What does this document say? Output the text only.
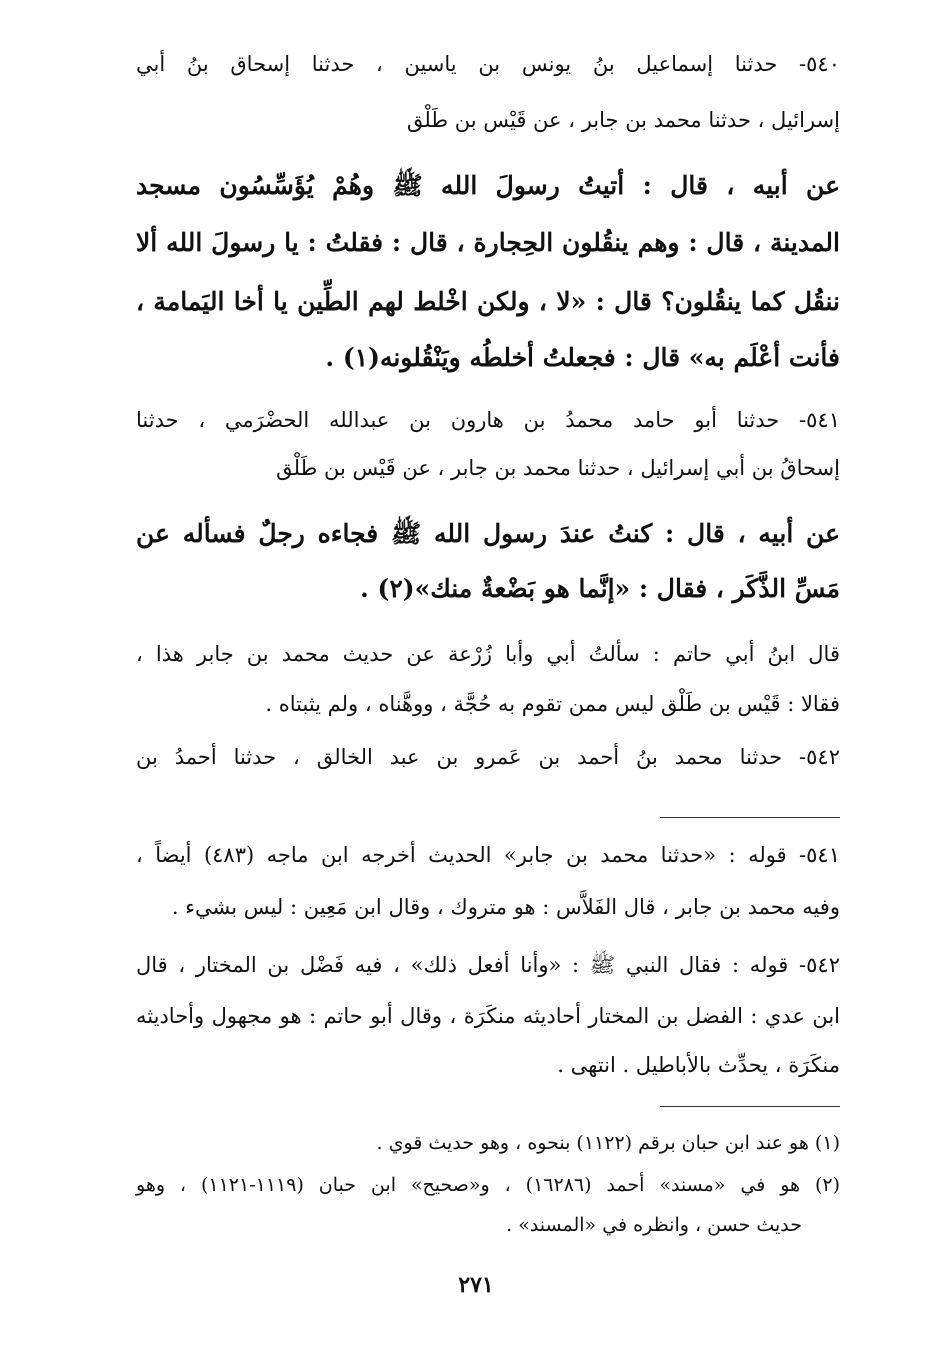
٥٤٠- حدثنا إسماعيل بنُ يونس بن ياسين ، حدثنا إسحاق بنُ أبي
إسرائيل ، حدثنا محمد بن جابر ، عن قَيْس بن طَلْق
عن أبيه ، قال : أتيتُ رسولَ الله ﷺ وهُمْ يُؤَسِّسُون مسجد
المدينة ، قال : وهم ينقُلون الحِجارة ، قال : فقلتُ : يا رسولَ الله ألا
ننقُل كما ينقُلون؟ قال : «لا ، ولكن اخْلط لهم الطِّين يا أخا اليَمامة ،
فأنت أعْلَم به» قال : فجعلتُ أخلطُه ويَنْقُلونه(١) .
٥٤١- حدثنا أبو حامد محمدُ بن هارون بن عبدالله الحضْرَمي ، حدثنا
إسحاقُ بن أبي إسرائيل ، حدثنا محمد بن جابر ، عن قَيْس بن طَلْق
عن أبيه ، قال : كنتُ عندَ رسول الله ﷺ فجاءه رجلٌ فسأله عن
مَسِّ الذَّكَر ، فقال : «إنَّما هو بَضْعةٌ منك»(٢) .
قال ابنُ أبي حاتم : سألتُ أبي وأبا زُرْعة عن حديث محمد بن جابر هذا ،
فقالا : قَيْس بن طَلْق ليس ممن تقوم به حُجَّة ، ووهَّناه ، ولم يثبتاه .
٥٤٢- حدثنا محمد بنُ أحمد بن عَمرو بن عبد الخالق ، حدثنا أحمدُ بن
٥٤١- قوله : «حدثنا محمد بن جابر» الحديث أخرجه ابن ماجه (٤٨٣) أيضاً ،
وفيه محمد بن جابر ، قال الفَلاَّس : هو متروك ، وقال ابن مَعِين : ليس بشيء .
٥٤٢- قوله : فقال النبي ﷺ : «وأنا أفعل ذلك» ، فيه فَضْل بن المختار ، قال
ابن عدي : الفضل بن المختار أحاديثه منكَرَة ، وقال أبو حاتم : هو مجهول وأحاديثه
منكَرَة ، يحدِّث بالأباطيل . انتهى .
(١) هو عند ابن حبان برقم (١١٢٢) بنحوه ، وهو حديث قوي .
(٢) هو في «مسند» أحمد (١٦٢٨٦) ، و«صحيح» ابن حبان (١١١٩-١١٢١) ، وهو
حديث حسن ، وانظره في «المسند» .
٢٧١
